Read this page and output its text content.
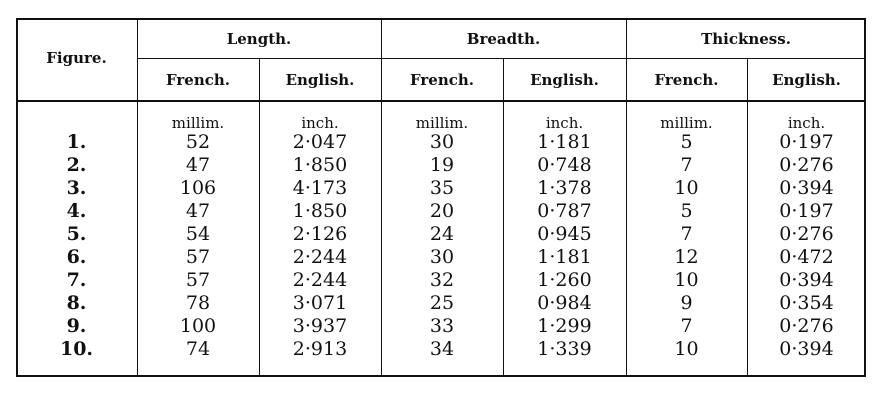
Figure.
Length.	Breadth.	Thickness.
French.	English.	French.	English.	French.	English.
millim.	inch.	millim.	inch.	millim.	inch.
1.	52	2·047	30	1·181	5	0·197
2.	47	1·850	19	0·748	7	0·276
3.	106	4·173	35	1·378	10	0·394
4.	47	1·850	20	0·787	5	0·197
5.	54	2·126	24	0·945	7	0·276
6.	57	2·244	30	1·181	12	0·472
7.	57	2·244	32	1·260	10	0·394
8.	78	3·071	25	0·984	9	0·354
9.	100	3·937	33	1·299	7	0·276
10.	74	2·913	34	1·339	10	0·394
